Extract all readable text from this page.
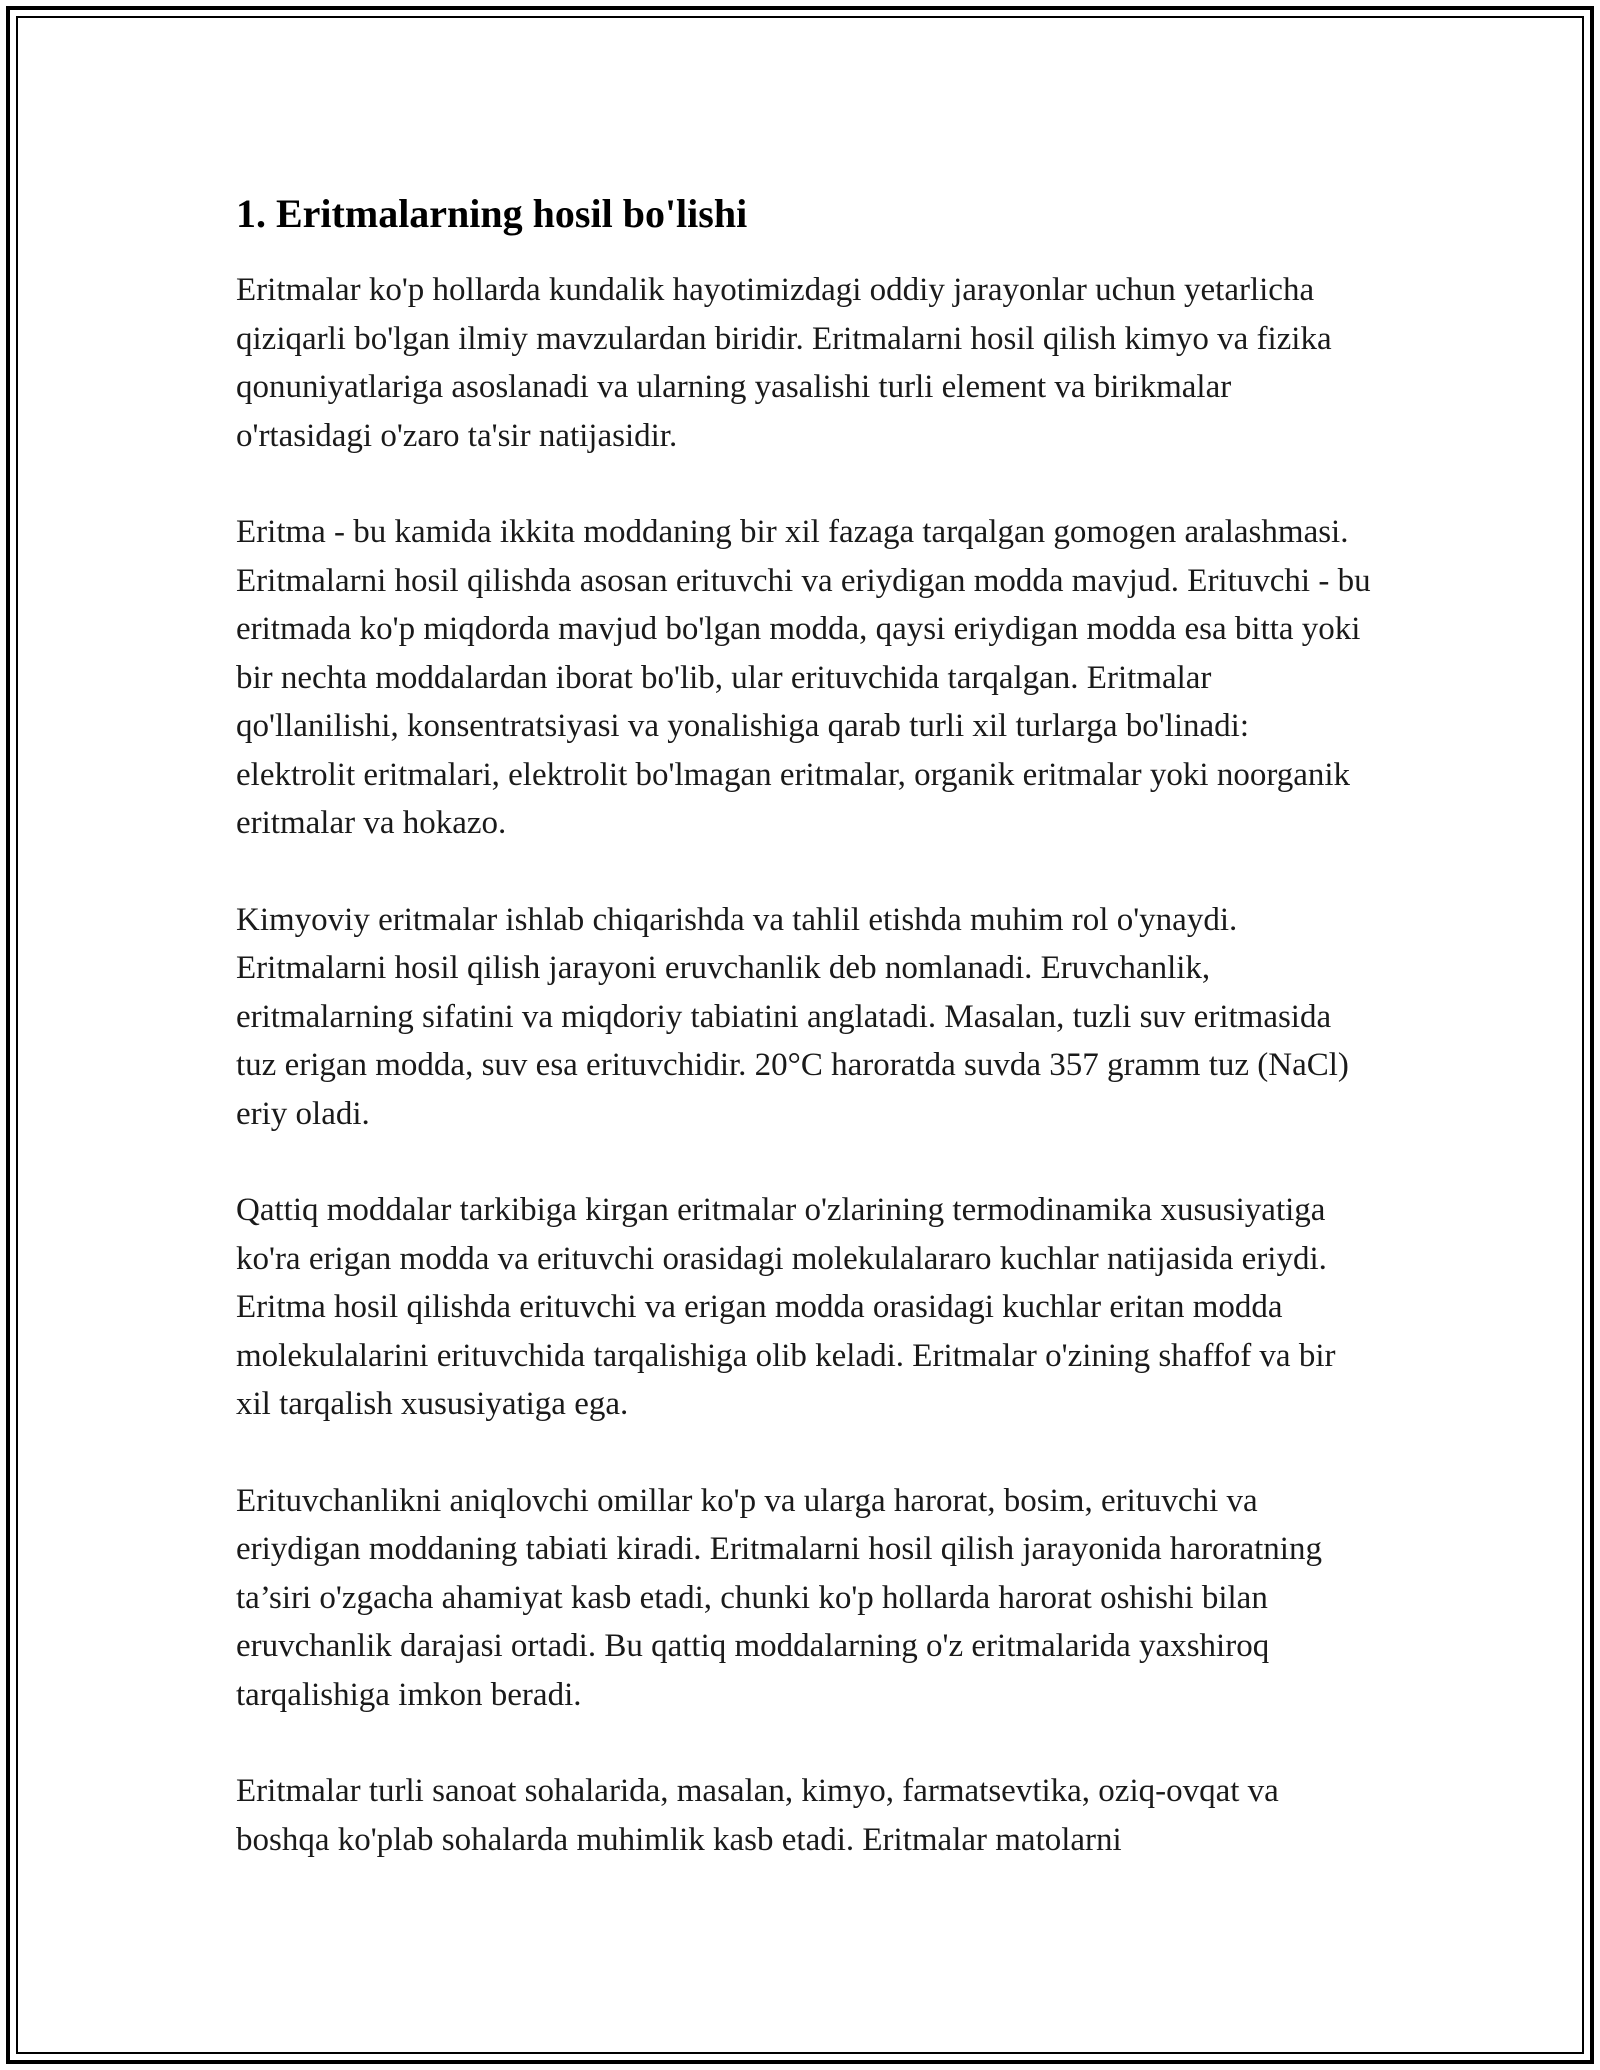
1. Eritmalarning hosil bo'lishi

Eritmalar ko'p hollarda kundalik hayotimizdagi oddiy jarayonlar uchun yetarlicha qiziqarli bo'lgan ilmiy mavzulardan biridir. Eritmalarni hosil qilish kimyo va fizika qonuniyatlariga asoslanadi va ularning yasalishi turli element va birikmalar o'rtasidagi o'zaro ta'sir natijasidir.

Eritma - bu kamida ikkita moddaning bir xil fazaga tarqalgan gomogen aralashmasi. Eritmalarni hosil qilishda asosan erituvchi va eriydigan modda mavjud. Erituvchi - bu eritmada ko'p miqdorda mavjud bo'lgan modda, qaysi eriydigan modda esa bitta yoki bir nechta moddalardan iborat bo'lib, ular erituvchida tarqalgan. Eritmalar qo'llanilishi, konsentratsiyasi va yonalishiga qarab turli xil turlarga bo'linadi: elektrolit eritmalari, elektrolit bo'lmagan eritmalar, organik eritmalar yoki noorganik eritmalar va hokazo.

Kimyoviy eritmalar ishlab chiqarishda va tahlil etishda muhim rol o'ynaydi. Eritmalarni hosil qilish jarayoni eruvchanlik deb nomlanadi. Eruvchanlik, eritmalarning sifatini va miqdoriy tabiatini anglatadi. Masalan, tuzli suv eritmasida tuz erigan modda, suv esa erituvchidir. 20°C haroratda suvda 357 gramm tuz (NaCl) eriy oladi.

Qattiq moddalar tarkibiga kirgan eritmalar o'zlarining termodinamika xususiyatiga ko'ra erigan modda va erituvchi orasidagi molekulalararo kuchlar natijasida eriydi. Eritma hosil qilishda erituvchi va erigan modda orasidagi kuchlar eritan modda molekulalarini erituvchida tarqalishiga olib keladi. Eritmalar o'zining shaffof va bir xil tarqalish xususiyatiga ega.

Erituvchanlikni aniqlovchi omillar ko'p va ularga harorat, bosim, erituvchi va eriydigan moddaning tabiati kiradi. Eritmalarni hosil qilish jarayonida haroratning ta’siri o'zgacha ahamiyat kasb etadi, chunki ko'p hollarda harorat oshishi bilan eruvchanlik darajasi ortadi. Bu qattiq moddalarning o'z eritmalarida yaxshiroq tarqalishiga imkon beradi.

Eritmalar turli sanoat sohalarida, masalan, kimyo, farmatsevtika, oziq-ovqat va boshqa ko'plab sohalarda muhimlik kasb etadi. Eritmalar matolarni
